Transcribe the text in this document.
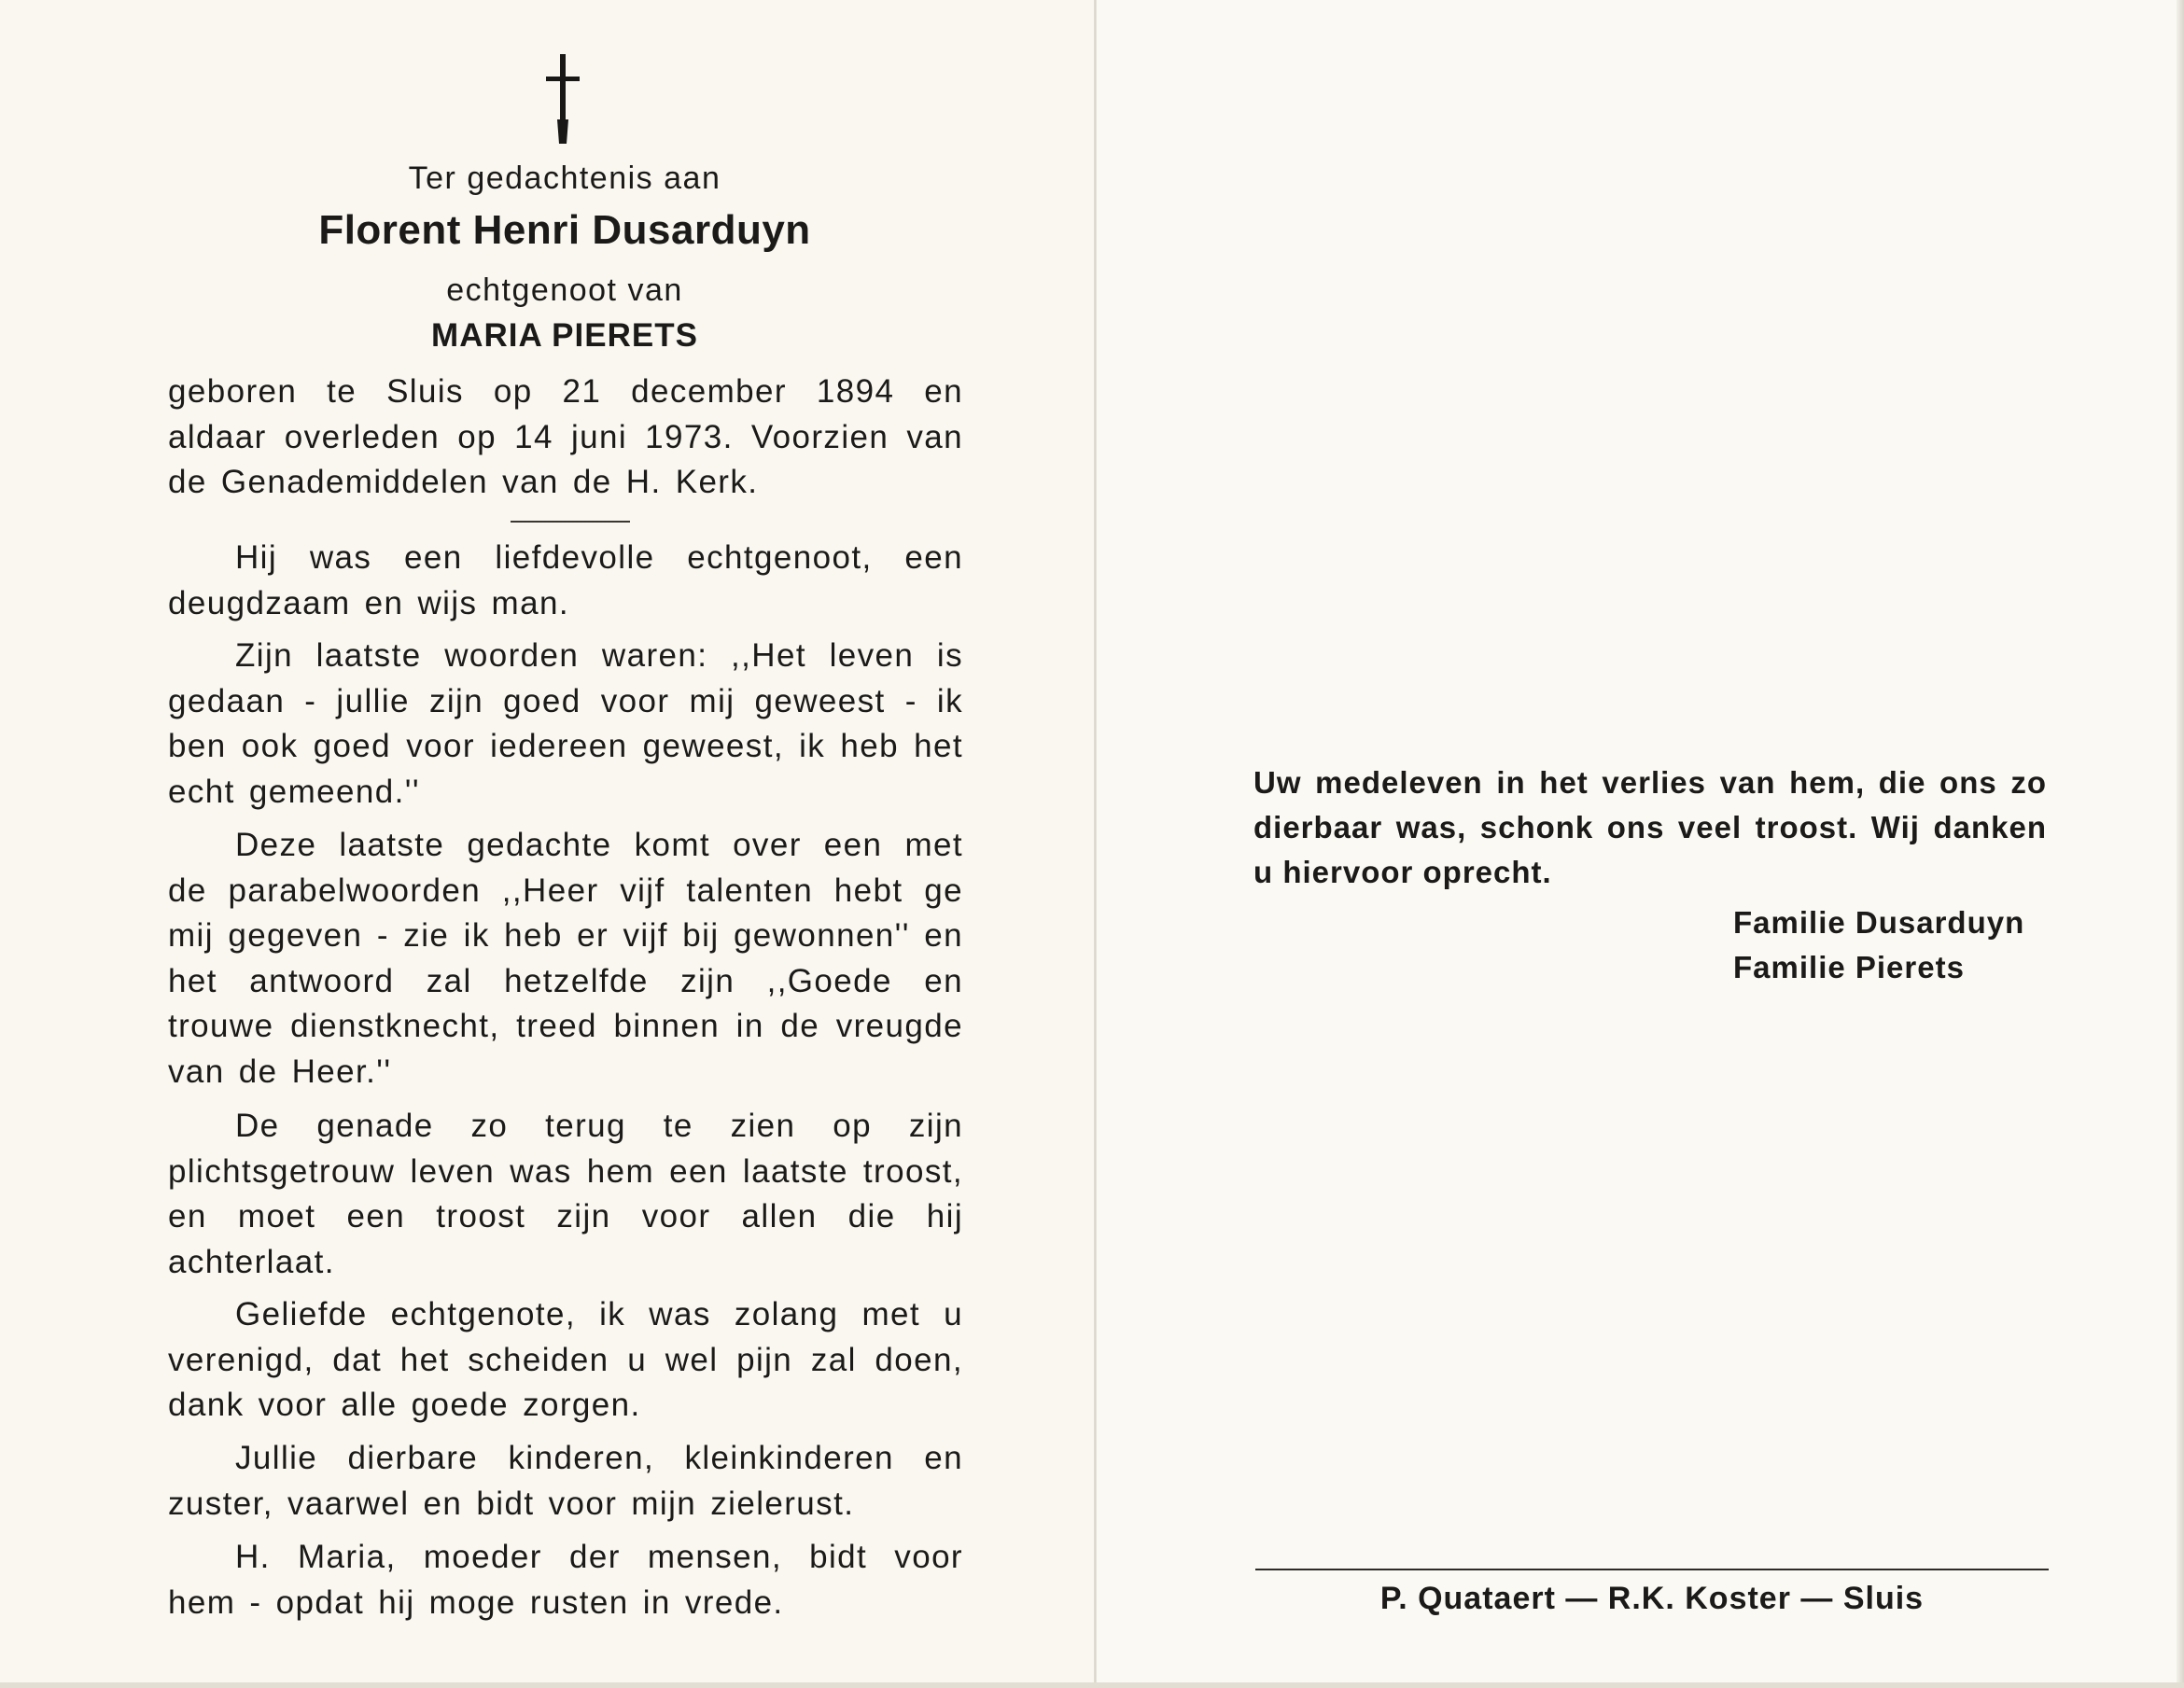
Ter gedachtenis aan
Florent Henri Dusarduyn
echtgenoot van
MARIA PIERETS
geboren te Sluis op 21 december 1894 en aldaar overleden op 14 juni 1973. Voorzien van de Genademiddelen van de H. Kerk.
Hij was een liefdevolle echtgenoot, een deugdzaam en wijs man.
Zijn laatste woorden waren: ,,Het leven is gedaan - jullie zijn goed voor mij geweest - ik ben ook goed voor iedereen geweest, ik heb het echt gemeend.''
Deze laatste gedachte komt over een met de parabelwoorden ,,Heer vijf talenten hebt ge mij gegeven - zie ik heb er vijf bij gewonnen'' en het antwoord zal hetzelfde zijn ,,Goede en trouwe dienstknecht, treed binnen in de vreugde van de Heer.''
De genade zo terug te zien op zijn plichtsgetrouw leven was hem een laatste troost, en moet een troost zijn voor allen die hij achterlaat.
Geliefde echtgenote, ik was zolang met u verenigd, dat het scheiden u wel pijn zal doen, dank voor alle goede zorgen.
Jullie dierbare kinderen, kleinkinderen en zuster, vaarwel en bidt voor mijn zielerust.
H. Maria, moeder der mensen, bidt voor hem - opdat hij moge rusten in vrede.
Uw medeleven in het verlies van hem, die ons zo dierbaar was, schonk ons veel troost. Wij danken u hiervoor oprecht.
Familie Dusarduyn
Familie Pierets
P. Quataert — R.K. Koster — Sluis
